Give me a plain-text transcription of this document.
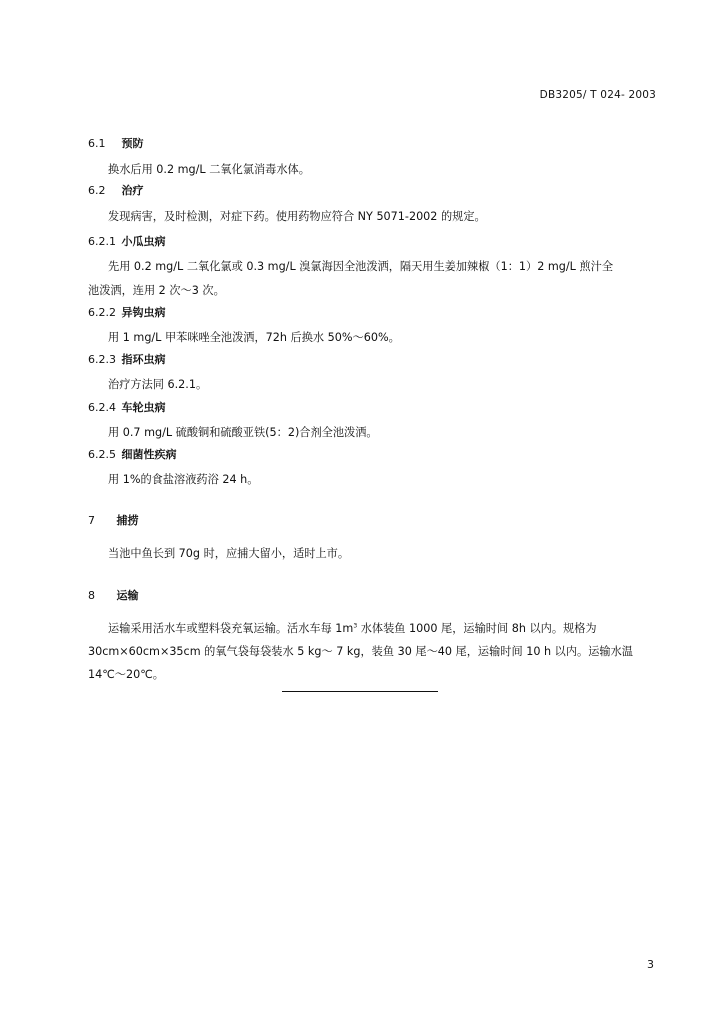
DB3205/ T 024- 2003
6.1 预防
换水后用 0.2 mg/L 二氧化氯消毒水体。
6.2 治疗
发现病害，及时检测，对症下药。使用药物应符合 NY 5071-2002 的规定。
6.2.1 小瓜虫病
先用 0.2 mg/L 二氧化氯或 0.3 mg/L 溴氯海因全池泼洒，隔天用生姜加辣椒（1：1）2 mg/L 煎汁全
池泼洒，连用 2 次～3 次。
6.2.2 异钩虫病
用 1 mg/L 甲苯咪唑全池泼洒，72h 后换水 50%～60%。
6.2.3 指环虫病
治疗方法同 6.2.1。
6.2.4 车轮虫病
用 0.7 mg/L 硫酸铜和硫酸亚铁(5：2)合剂全池泼洒。
6.2.5 细菌性疾病
用 1%的食盐溶液药浴 24 h。
7 捕捞
当池中鱼长到 70g 时，应捕大留小，适时上市。
8 运输
运输采用活水车或塑料袋充氧运输。活水车每 $1m^3$ 水体装鱼 1000 尾，运输时间 8h 以内。规格为
30cm×60cm×35cm 的氧气袋每袋装水 5 kg～ 7 kg，装鱼 30 尾～40 尾，运输时间 10 h 以内。运输水温
14℃～20℃。
3
